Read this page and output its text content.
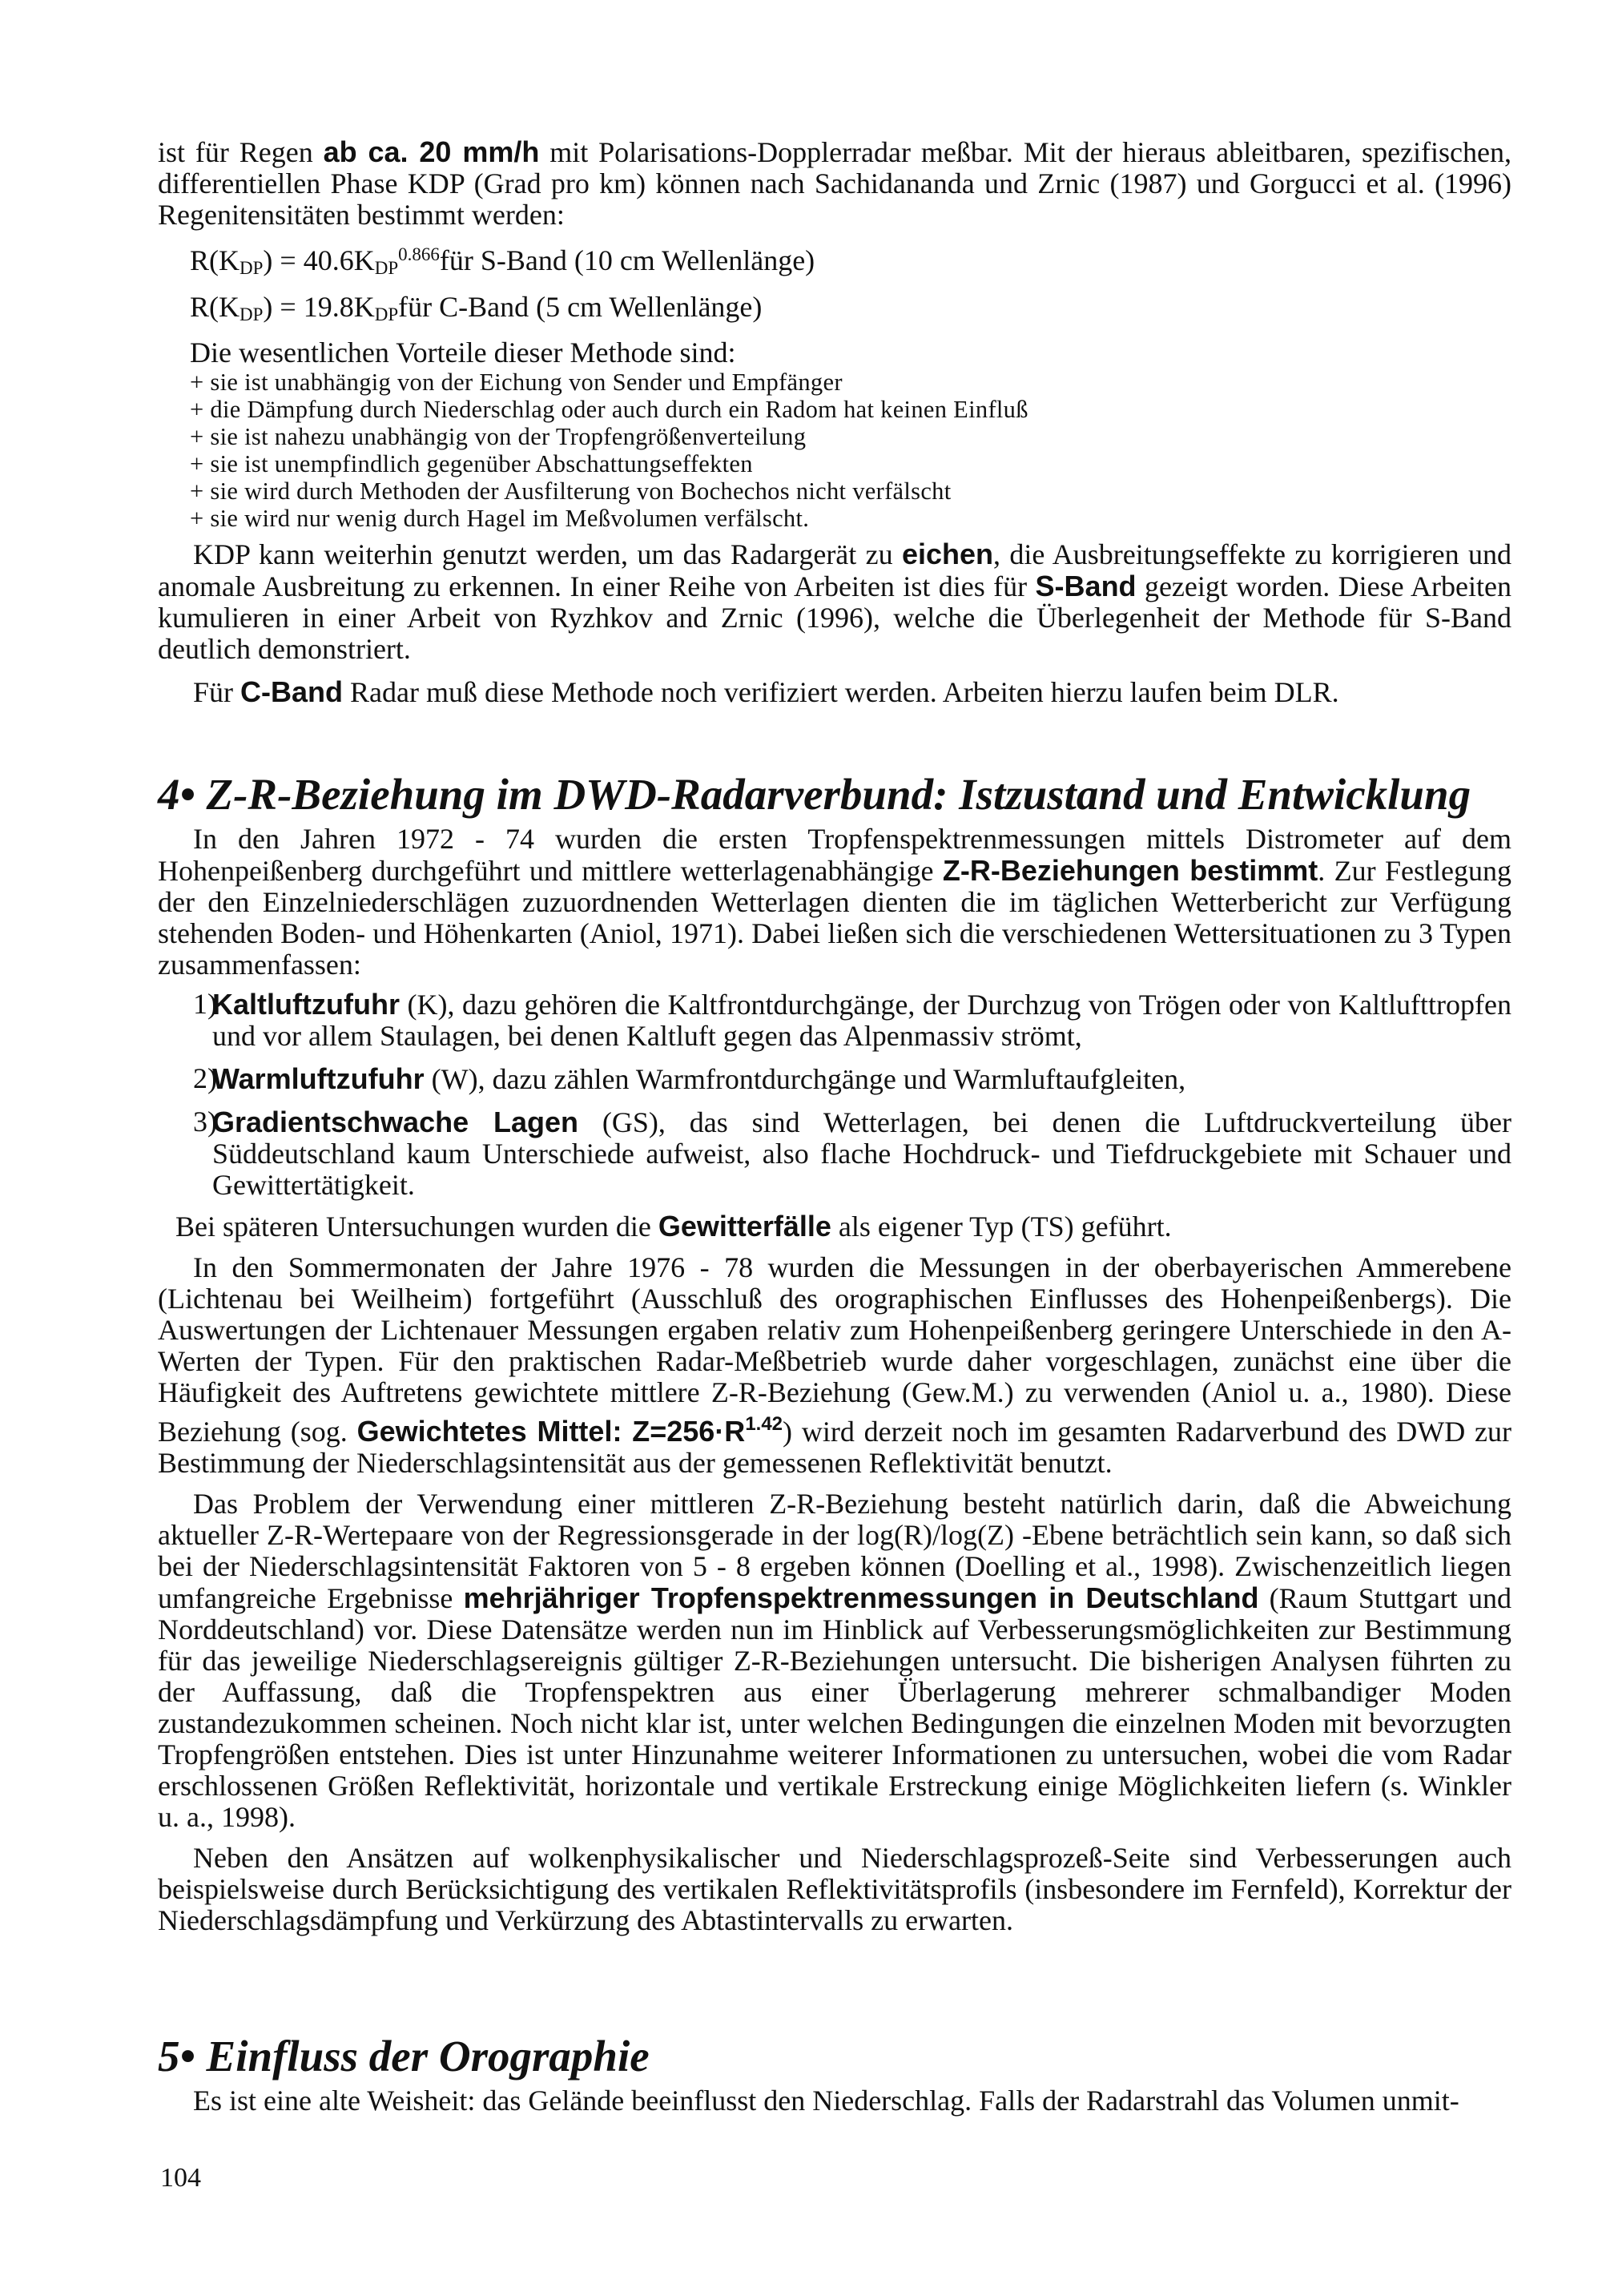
ist für Regen ab ca. 20 mm/h mit Polarisations-Dopplerradar meßbar. Mit der hieraus ableitbaren, spezifischen, differentiellen Phase KDP (Grad pro km) können nach Sachidananda und Zrnic (1987) und Gorgucci et al. (1996) Regenitensitäten bestimmt werden:

$R(K_{DP})$ = $40.6K_{DP}^{0.866}für$ S-Band (10 cm Wellenlänge)
$R(K_{DP})$ = $19.8K_{DP}für$ C-Band (5 cm Wellenlänge)

Die wesentlichen Vorteile dieser Methode sind:

+ sie ist unabhängig von der Eichung von Sender und Empfänger

+ die Dämpfung durch Niederschlag oder auch durch ein Radom hat keinen Einfluß

+ sie ist nahezu unabhängig von der Tropfengrößenverteilung

+ sie ist unempfindlich gegenüber Abschattungseffekten

+ sie wird durch Methoden der Ausfilterung von Bochechos nicht verfälscht

+ sie wird nur wenig durch Hagel im Meßvolumen verfälscht.

KDP kann weiterhin genutzt werden, um das Radargerät zu eichen, die Ausbreitungseffekte zu korrigieren und anomale Ausbreitung zu erkennen. In einer Reihe von Arbeiten ist dies für S-Band gezeigt worden. Diese Arbeiten kumulieren in einer Arbeit von Ryzhkov and Zrnic (1996), welche die Überlegenheit der Methode für S-Band deutlich demonstriert.

Für C-Band Radar muß diese Methode noch verifiziert werden. Arbeiten hierzu laufen beim DLR.

4• Z-R-Beziehung im DWD-Radarverbund: Istzustand und Entwicklung

In den Jahren 1972 - 74 wurden die ersten Tropfenspektrenmessungen mittels Distrometer auf dem Hohenpeißenberg durchgeführt und mittlere wetterlagenabhängige Z-R-Beziehungen bestimmt. Zur Festlegung der den Einzelniederschlägen zuzuordnenden Wetterlagen dienten die im täglichen Wetterbericht zur Verfügung stehenden Boden- und Höhenkarten (Aniol, 1971). Dabei ließen sich die verschiedenen Wettersituationen zu 3 Typen zusammenfassen:

1)
Kaltluftzufuhr (K), dazu gehören die Kaltfrontdurchgänge, der Durchzug von Trögen oder von Kaltlufttropfen und vor allem Staulagen, bei denen Kaltluft gegen das Alpenmassiv strömt,

2)
Warmluftzufuhr (W), dazu zählen Warmfrontdurchgänge und Warmluftaufgleiten,

3)
Gradientschwache Lagen (GS), das sind Wetterlagen, bei denen die Luftdruckverteilung über Süddeutschland kaum Unterschiede aufweist, also flache Hochdruck- und Tiefdruckgebiete mit Schauer und Gewittertätigkeit.

Bei späteren Untersuchungen wurden die Gewitterfälle als eigener Typ (TS) geführt.

In den Sommermonaten der Jahre 1976 - 78 wurden die Messungen in der oberbayerischen Ammerebene (Lichtenau bei Weilheim) fortgeführt (Ausschluß des orographischen Einflusses des Hohenpeißenbergs). Die Auswertungen der Lichtenauer Messungen ergaben relativ zum Hohenpeißenberg geringere Unterschiede in den A-Werten der Typen. Für den praktischen Radar-Meßbetrieb wurde daher vorgeschlagen, zunächst eine über die Häufigkeit des Auftretens gewichtete mittlere Z-R-Beziehung (Gew.M.) zu verwenden (Aniol u. a., 1980). Diese Beziehung (sog. Gewichtetes Mittel: $Z=256\cdot R^{1.42}$) wird derzeit noch im gesamten Radarverbund des DWD zur Bestimmung der Niederschlagsintensität aus der gemessenen Reflektivität benutzt.

Das Problem der Verwendung einer mittleren Z-R-Beziehung besteht natürlich darin, daß die Abweichung aktueller Z-R-Wertepaare von der Regressionsgerade in der log(R)/log(Z) -Ebene beträchtlich sein kann, so daß sich bei der Niederschlagsintensität Faktoren von 5 - 8 ergeben können (Doelling et al., 1998). Zwischenzeitlich liegen umfangreiche Ergebnisse mehrjähriger Tropfenspektrenmessungen in Deutschland (Raum Stuttgart und Norddeutschland) vor. Diese Datensätze werden nun im Hinblick auf Verbesserungsmöglichkeiten zur Bestimmung für das jeweilige Niederschlagsereignis gültiger Z-R-Beziehungen untersucht. Die bisherigen Analysen führten zu der Auffassung, daß die Tropfenspektren aus einer Überlagerung mehrerer schmalbandiger Moden zustandezukommen scheinen. Noch nicht klar ist, unter welchen Bedingungen die einzelnen Moden mit bevorzugten Tropfengrößen entstehen. Dies ist unter Hinzunahme weiterer Informationen zu untersuchen, wobei die vom Radar erschlossenen Größen Reflektivität, horizontale und vertikale Erstreckung einige Möglichkeiten liefern (s. Winkler u. a., 1998).

Neben den Ansätzen auf wolkenphysikalischer und Niederschlagsprozeß-Seite sind Verbesserungen auch beispielsweise durch Berücksichtigung des vertikalen Reflektivitätsprofils (insbesondere im Fernfeld), Korrektur der Niederschlagsdämpfung und Verkürzung des Abtastintervalls zu erwarten.

5• Einfluss der Orographie

Es ist eine alte Weisheit: das Gelände beeinflusst den Niederschlag. Falls der Radarstrahl das Volumen unmit-

104
